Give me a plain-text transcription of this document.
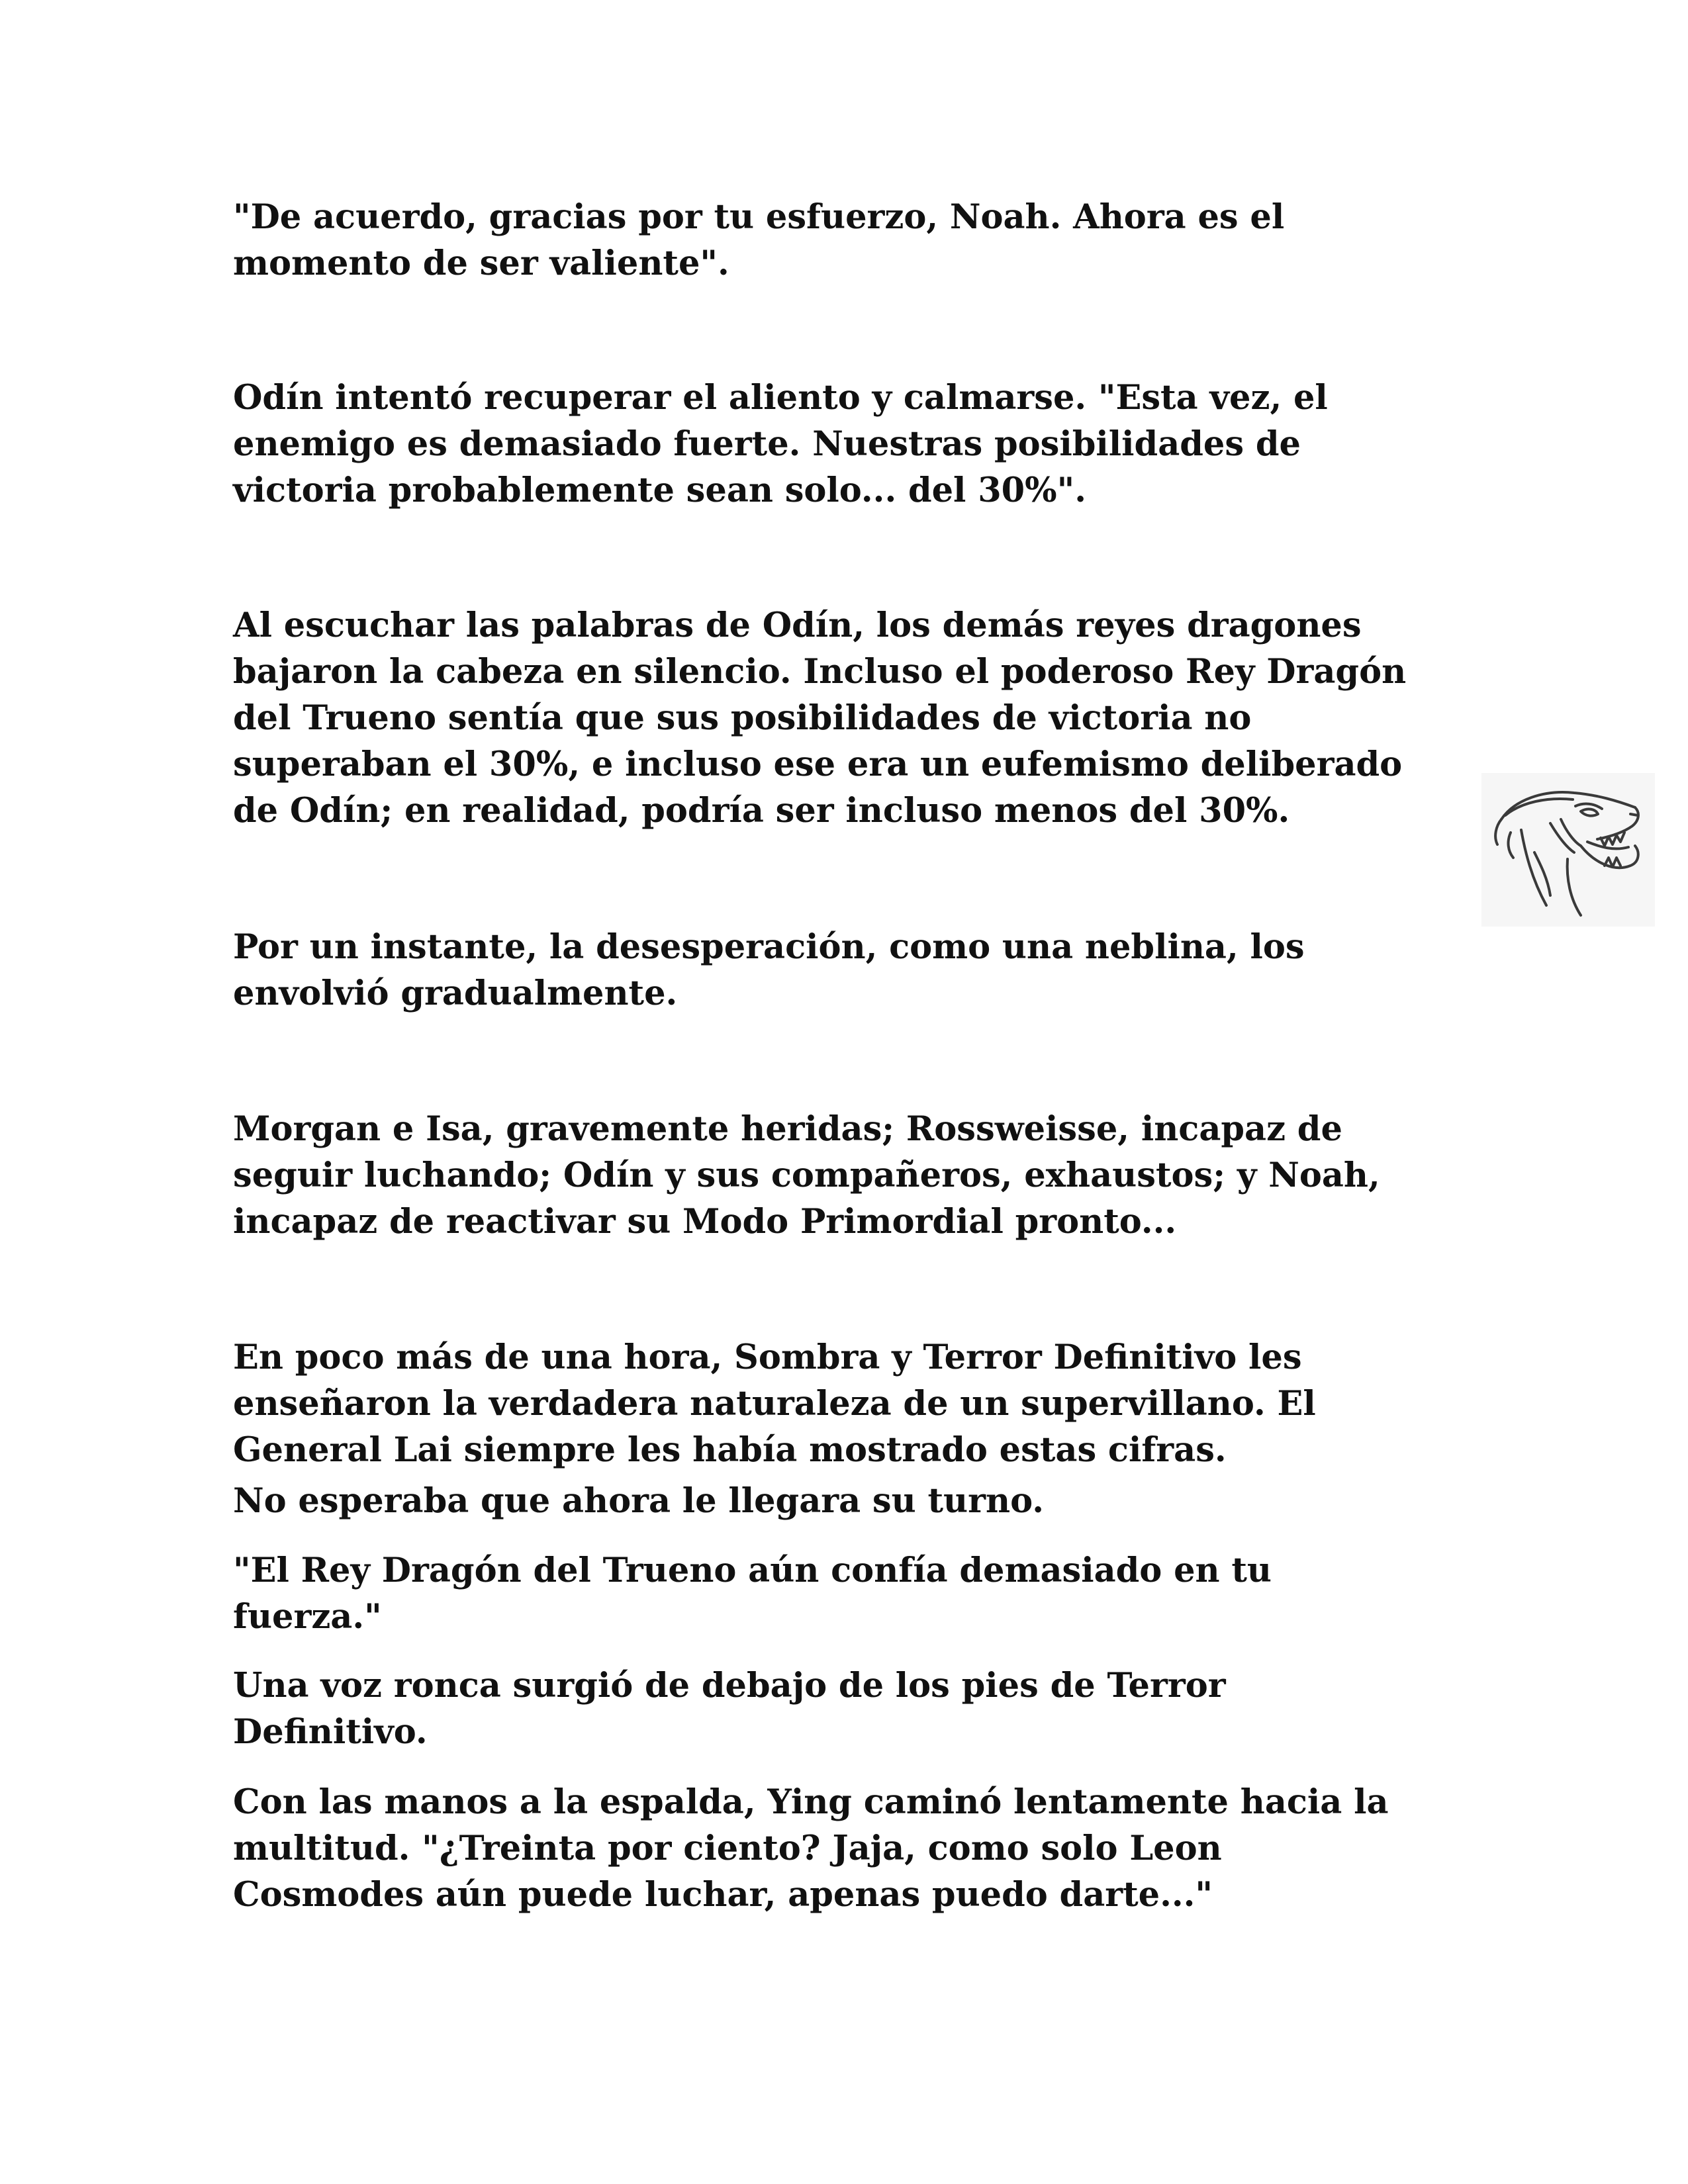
"De acuerdo, gracias por tu esfuerzo, Noah. Ahora es el
momento de ser valiente".

Odín intentó recuperar el aliento y calmarse. "Esta vez, el
enemigo es demasiado fuerte. Nuestras posibilidades de
victoria probablemente sean solo... del 30%".

Al escuchar las palabras de Odín, los demás reyes dragones
bajaron la cabeza en silencio. Incluso el poderoso Rey Dragón
del Trueno sentía que sus posibilidades de victoria no
superaban el 30%, e incluso ese era un eufemismo deliberado
de Odín; en realidad, podría ser incluso menos del 30%.

Por un instante, la desesperación, como una neblina, los
envolvió gradualmente.

Morgan e Isa, gravemente heridas; Rossweisse, incapaz de
seguir luchando; Odín y sus compañeros, exhaustos; y Noah,
incapaz de reactivar su Modo Primordial pronto...

En poco más de una hora, Sombra y Terror Definitivo les
enseñaron la verdadera naturaleza de un supervillano. El
General Lai siempre les había mostrado estas cifras.

No esperaba que ahora le llegara su turno.

"El Rey Dragón del Trueno aún confía demasiado en tu
fuerza."

Una voz ronca surgió de debajo de los pies de Terror
Definitivo.

Con las manos a la espalda, Ying caminó lentamente hacia la
multitud. "¿Treinta por ciento? Jaja, como solo Leon
Cosmodes aún puede luchar, apenas puedo darte..."
